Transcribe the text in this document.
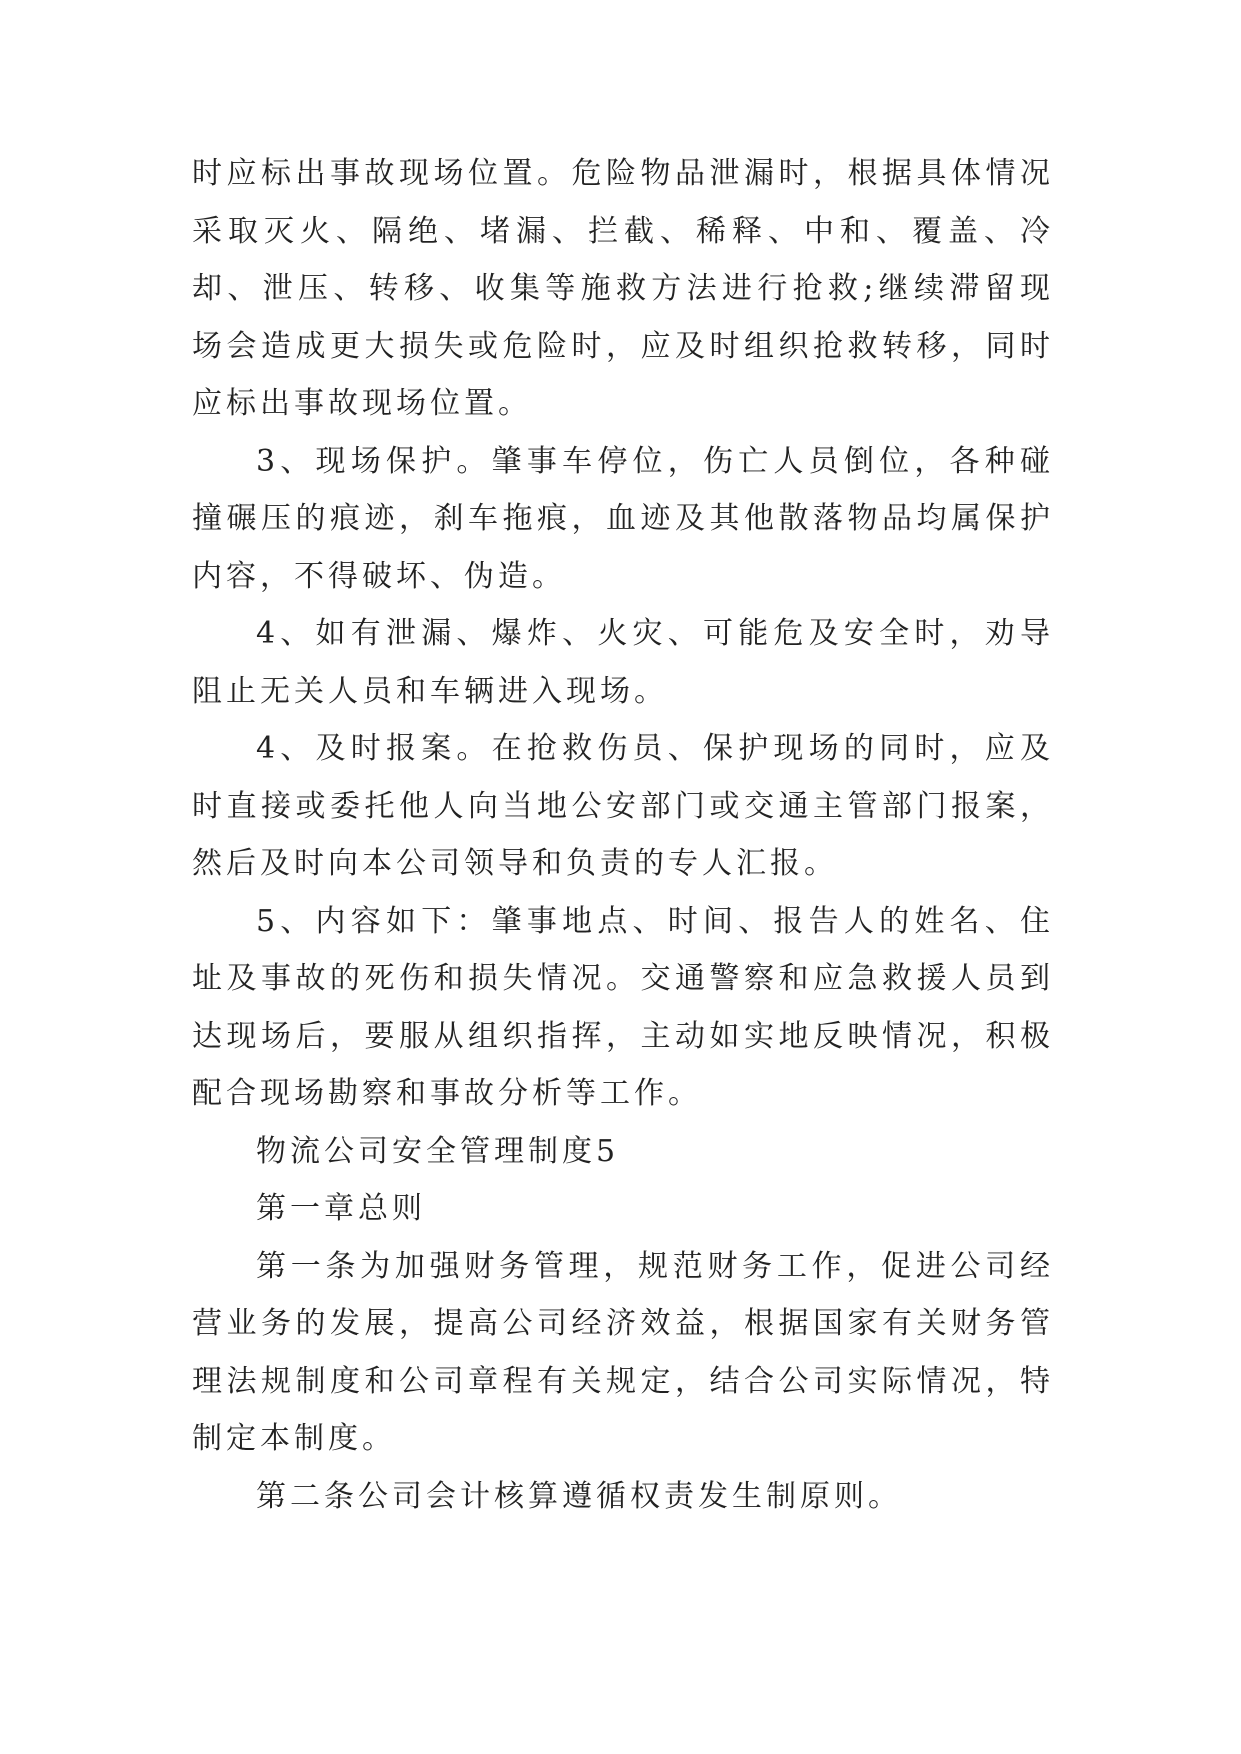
时应标出事故现场位置。危险物品泄漏时，根据具体情况采取灭火、隔绝、堵漏、拦截、稀释、中和、覆盖、冷却、泄压、转移、收集等施救方法进行抢救;继续滞留现场会造成更大损失或危险时，应及时组织抢救转移，同时应标出事故现场位置。

3、现场保护。肇事车停位，伤亡人员倒位，各种碰撞碾压的痕迹，刹车拖痕，血迹及其他散落物品均属保护内容，不得破坏、伪造。

4、如有泄漏、爆炸、火灾、可能危及安全时，劝导阻止无关人员和车辆进入现场。

4、及时报案。在抢救伤员、保护现场的同时，应及时直接或委托他人向当地公安部门或交通主管部门报案，然后及时向本公司领导和负责的专人汇报。

5、内容如下：肇事地点、时间、报告人的姓名、住址及事故的死伤和损失情况。交通警察和应急救援人员到达现场后，要服从组织指挥，主动如实地反映情况，积极配合现场勘察和事故分析等工作。

物流公司安全管理制度5

第一章总则

第一条为加强财务管理，规范财务工作，促进公司经营业务的发展，提高公司经济效益，根据国家有关财务管理法规制度和公司章程有关规定，结合公司实际情况，特制定本制度。

第二条公司会计核算遵循权责发生制原则。
